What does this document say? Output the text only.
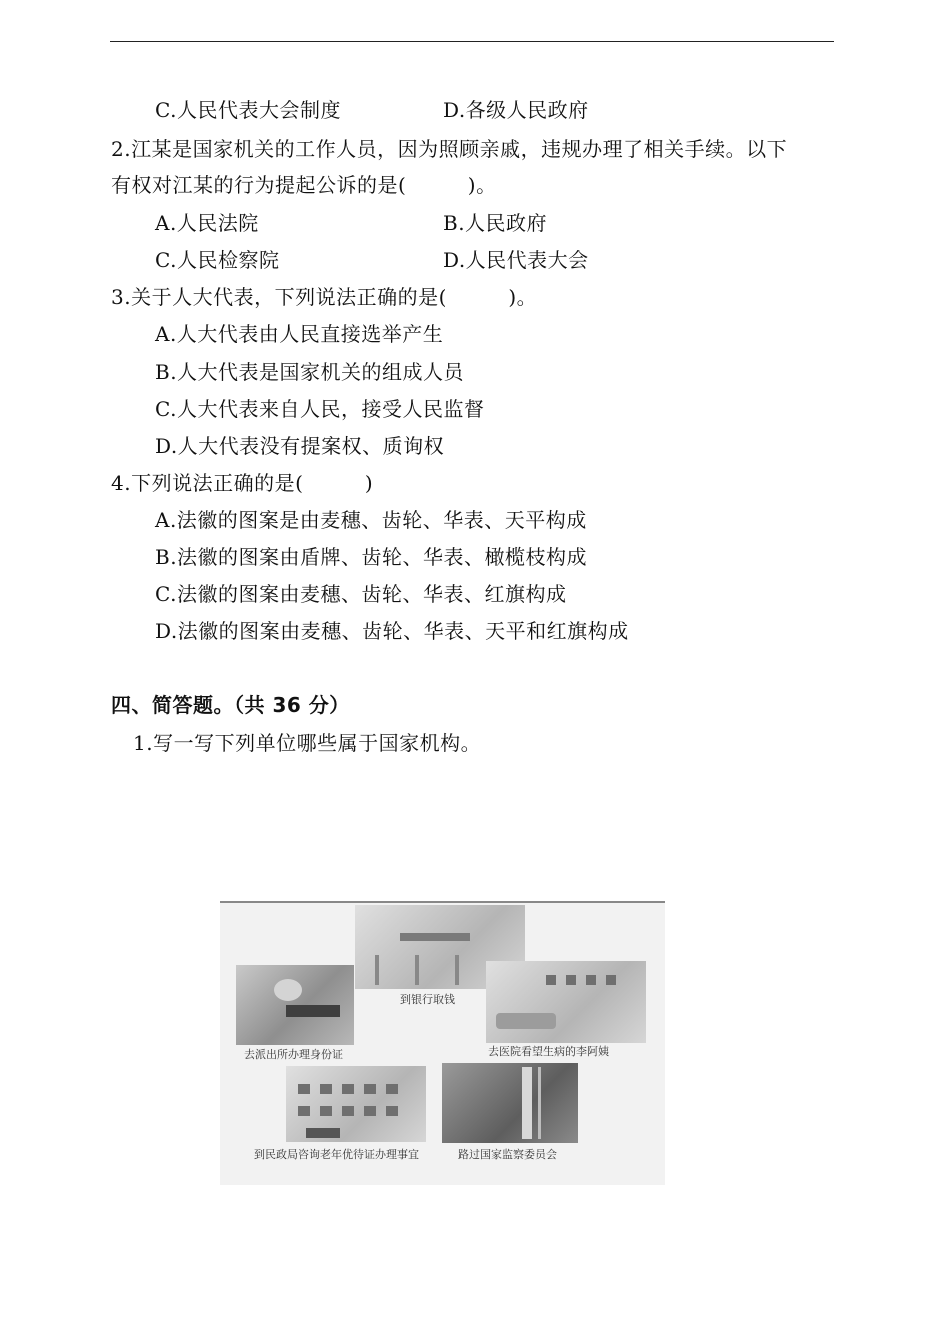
C.人民代表大会制度	D.各级人民政府
2.江某是国家机关的工作人员，因为照顾亲戚，违规办理了相关手续。以下
有权对江某的行为提起公诉的是(　　　)。
A.人民法院	B.人民政府
C.人民检察院	D.人民代表大会
3.关于人大代表，下列说法正确的是(　　　)。
A.人大代表由人民直接选举产生
B.人大代表是国家机关的组成人员
C.人大代表来自人民，接受人民监督
D.人大代表没有提案权、质询权
4.下列说法正确的是(　　　)
A.法徽的图案是由麦穗、齿轮、华表、天平构成
B.法徽的图案由盾牌、齿轮、华表、橄榄枝构成
C.法徽的图案由麦穗、齿轮、华表、红旗构成
D.法徽的图案由麦穗、齿轮、华表、天平和红旗构成
四、简答题。（共 36 分）
1.写一写下列单位哪些属于国家机构。
到银行取钱
去派出所办理身份证	去医院看望生病的李阿姨
到民政局咨询老年优待证办理事宜	路过国家监察委员会
